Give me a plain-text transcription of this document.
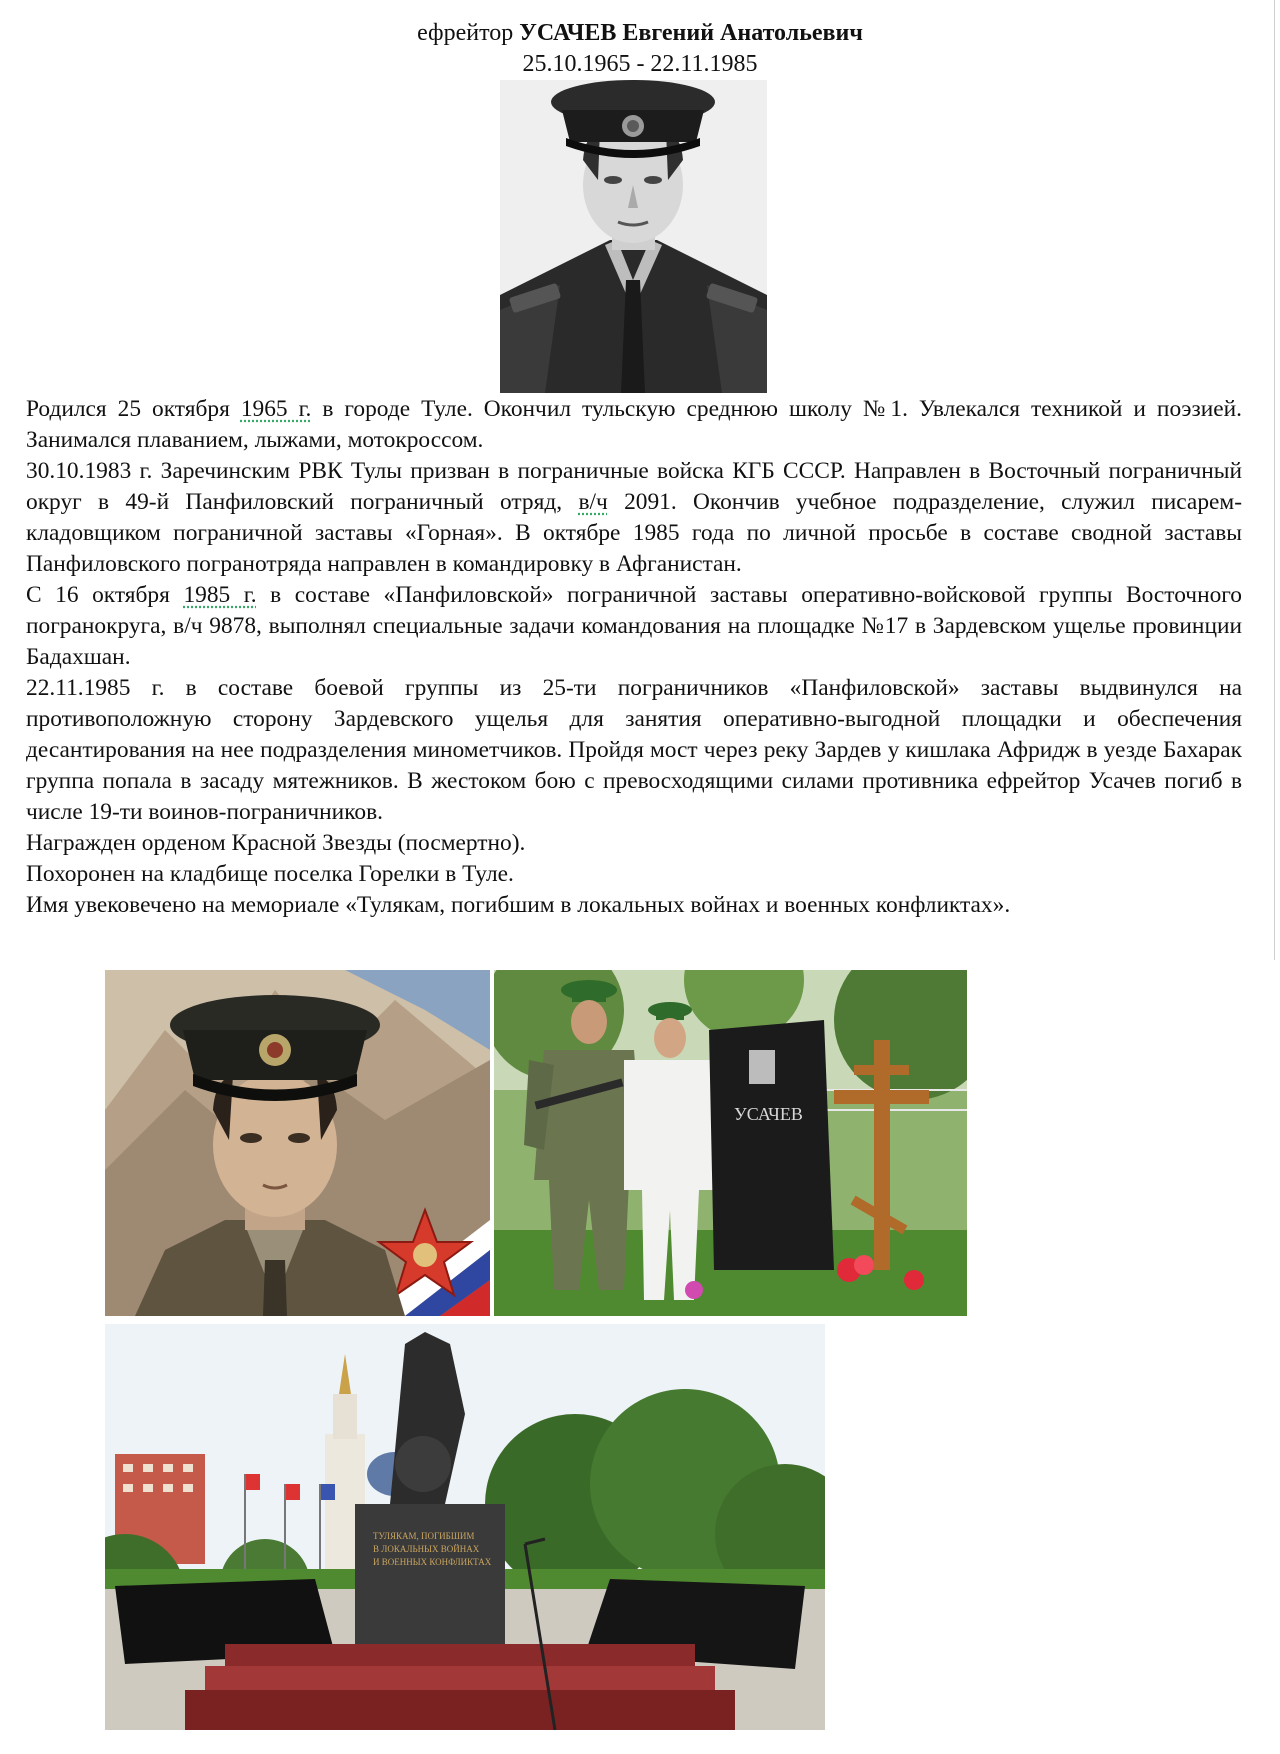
ефрейтор УСАЧЕВ Евгений Анатольевич
25.10.1965 - 22.11.1985

Родился 25 октября 1965 г. в городе Туле. Окончил тульскую среднюю школу №1. Увлекался техникой и поэзией. Занимался плаванием, лыжами, мотокроссом.

30.10.1983 г. Заречинским РВК Тулы призван в пограничные войска КГБ СССР. Направлен в Восточный пограничный округ в 49-й Панфиловский пограничный отряд, в/ч 2091. Окончив учебное подразделение, служил писарем-кладовщиком пограничной заставы «Горная». В октябре 1985 года по личной просьбе в составе сводной заставы Панфиловского погранотряда направлен в командировку в Афганистан.

С 16 октября 1985 г. в составе «Панфиловской» пограничной заставы оперативно-войсковой группы Восточного погранокруга, в/ч 9878, выполнял специальные задачи командования на площадке №17 в Зардевском ущелье провинции Бадахшан.

22.11.1985 г. в составе боевой группы из 25-ти пограничников «Панфиловской» заставы выдвинулся на противоположную сторону Зардевского ущелья для занятия оперативно-выгодной площадки и обеспечения десантирования на нее подразделения минометчиков. Пройдя мост через реку Зардев у кишлака Афридж в уезде Бахарак группа попала в засаду мятежников. В жестоком бою с превосходящими силами противника ефрейтор Усачев погиб в числе 19-ти воинов-пограничников.

Награжден орденом Красной Звезды (посмертно).

Похоронен на кладбище поселка Горелки в Туле.

Имя увековечено на мемориале «Тулякам, погибшим в локальных войнах и военных конфликтах».

УСАЧЕВ
ТУЛЯКАМ, ПОГИБШИМ
В ЛОКАЛЬНЫХ ВОЙНАХ
И ВОЕННЫХ КОНФЛИКТАХ
